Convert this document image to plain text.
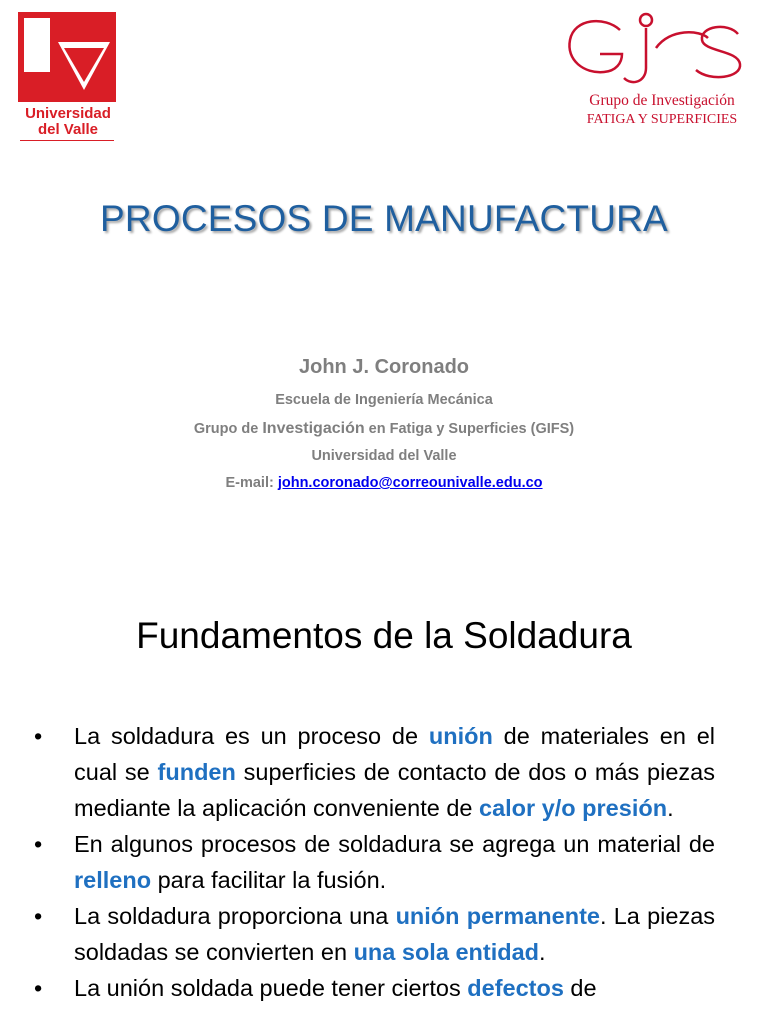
Universidad
del Valle
Grupo de Investigación
FATIGA Y SUPERFICIES
PROCESOS DE MANUFACTURA
John J. Coronado
Escuela de Ingeniería Mecánica
Grupo de Investigación en Fatiga y Superficies (GIFS)
Universidad del Valle
E-mail: john.coronado@correounivalle.edu.co
Fundamentos de la Soldadura
• La soldadura es un proceso de unión de materiales en el cual se funden superficies de contacto de dos o más piezas mediante la aplicación conveniente de calor y/o presión.
• En algunos procesos de soldadura se agrega un material de relleno para facilitar la fusión.
• La soldadura proporciona una unión permanente. La piezas soldadas se convierten en una sola entidad.
• La unión soldada puede tener ciertos defectos de
